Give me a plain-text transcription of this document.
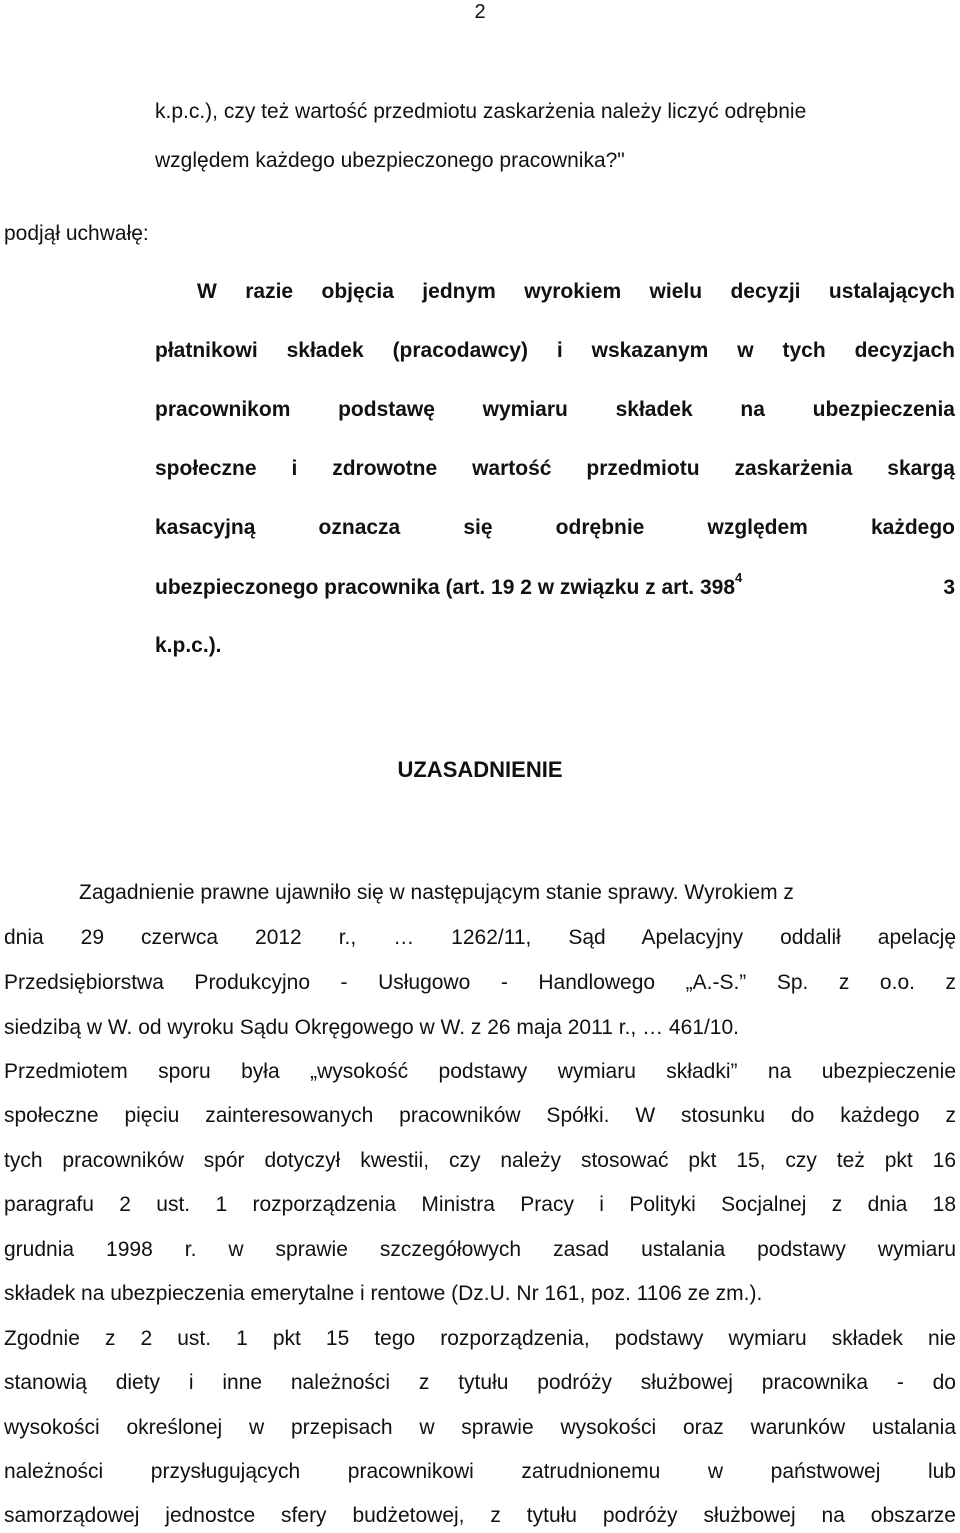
2
k.p.c.), czy też wartość przedmiotu zaskarżenia należy liczyć odrębnie
względem każdego ubezpieczonego pracownika?"
podjął uchwałę:
W razie objęcia jednym wyrokiem wielu decyzji ustalających
płatnikowi składek (pracodawcy) i wskazanym w tych decyzjach
pracownikom podstawę wymiaru składek na ubezpieczenia
społeczne i zdrowotne wartość przedmiotu zaskarżenia skargą
kasacyjną oznacza się odrębnie względem każdego
ubezpieczonego pracownika (art. 19 2 w związku z art. $398^4$	3
k.p.c.).
UZASADNIENIE
Zagadnienie prawne ujawniło się w następującym stanie sprawy. Wyrokiem z
dnia 29 czerwca 2012 r., … 1262/11, Sąd Apelacyjny oddalił apelację
Przedsiębiorstwa Produkcyjno - Usługowo - Handlowego „A.-S.” Sp. z o.o. z
siedzibą w W. od wyroku Sądu Okręgowego w W. z 26 maja 2011 r., … 461/10.
Przedmiotem sporu była „wysokość podstawy wymiaru składki” na ubezpieczenie
społeczne pięciu zainteresowanych pracowników Spółki. W stosunku do każdego z
tych pracowników spór dotyczył kwestii, czy należy stosować pkt 15, czy też pkt 16
paragrafu 2 ust. 1 rozporządzenia Ministra Pracy i Polityki Socjalnej z dnia 18
grudnia 1998 r. w sprawie szczegółowych zasad ustalania podstawy wymiaru
składek na ubezpieczenia emerytalne i rentowe (Dz.U. Nr 161, poz. 1106 ze zm.).
Zgodnie z 2 ust. 1 pkt 15 tego rozporządzenia, podstawy wymiaru składek nie
stanowią diety i inne należności z tytułu podróży służbowej pracownika - do
wysokości określonej w przepisach w sprawie wysokości oraz warunków ustalania
należności przysługujących pracownikowi zatrudnionemu w państwowej lub
samorządowej jednostce sfery budżetowej, z tytułu podróży służbowej na obszarze
